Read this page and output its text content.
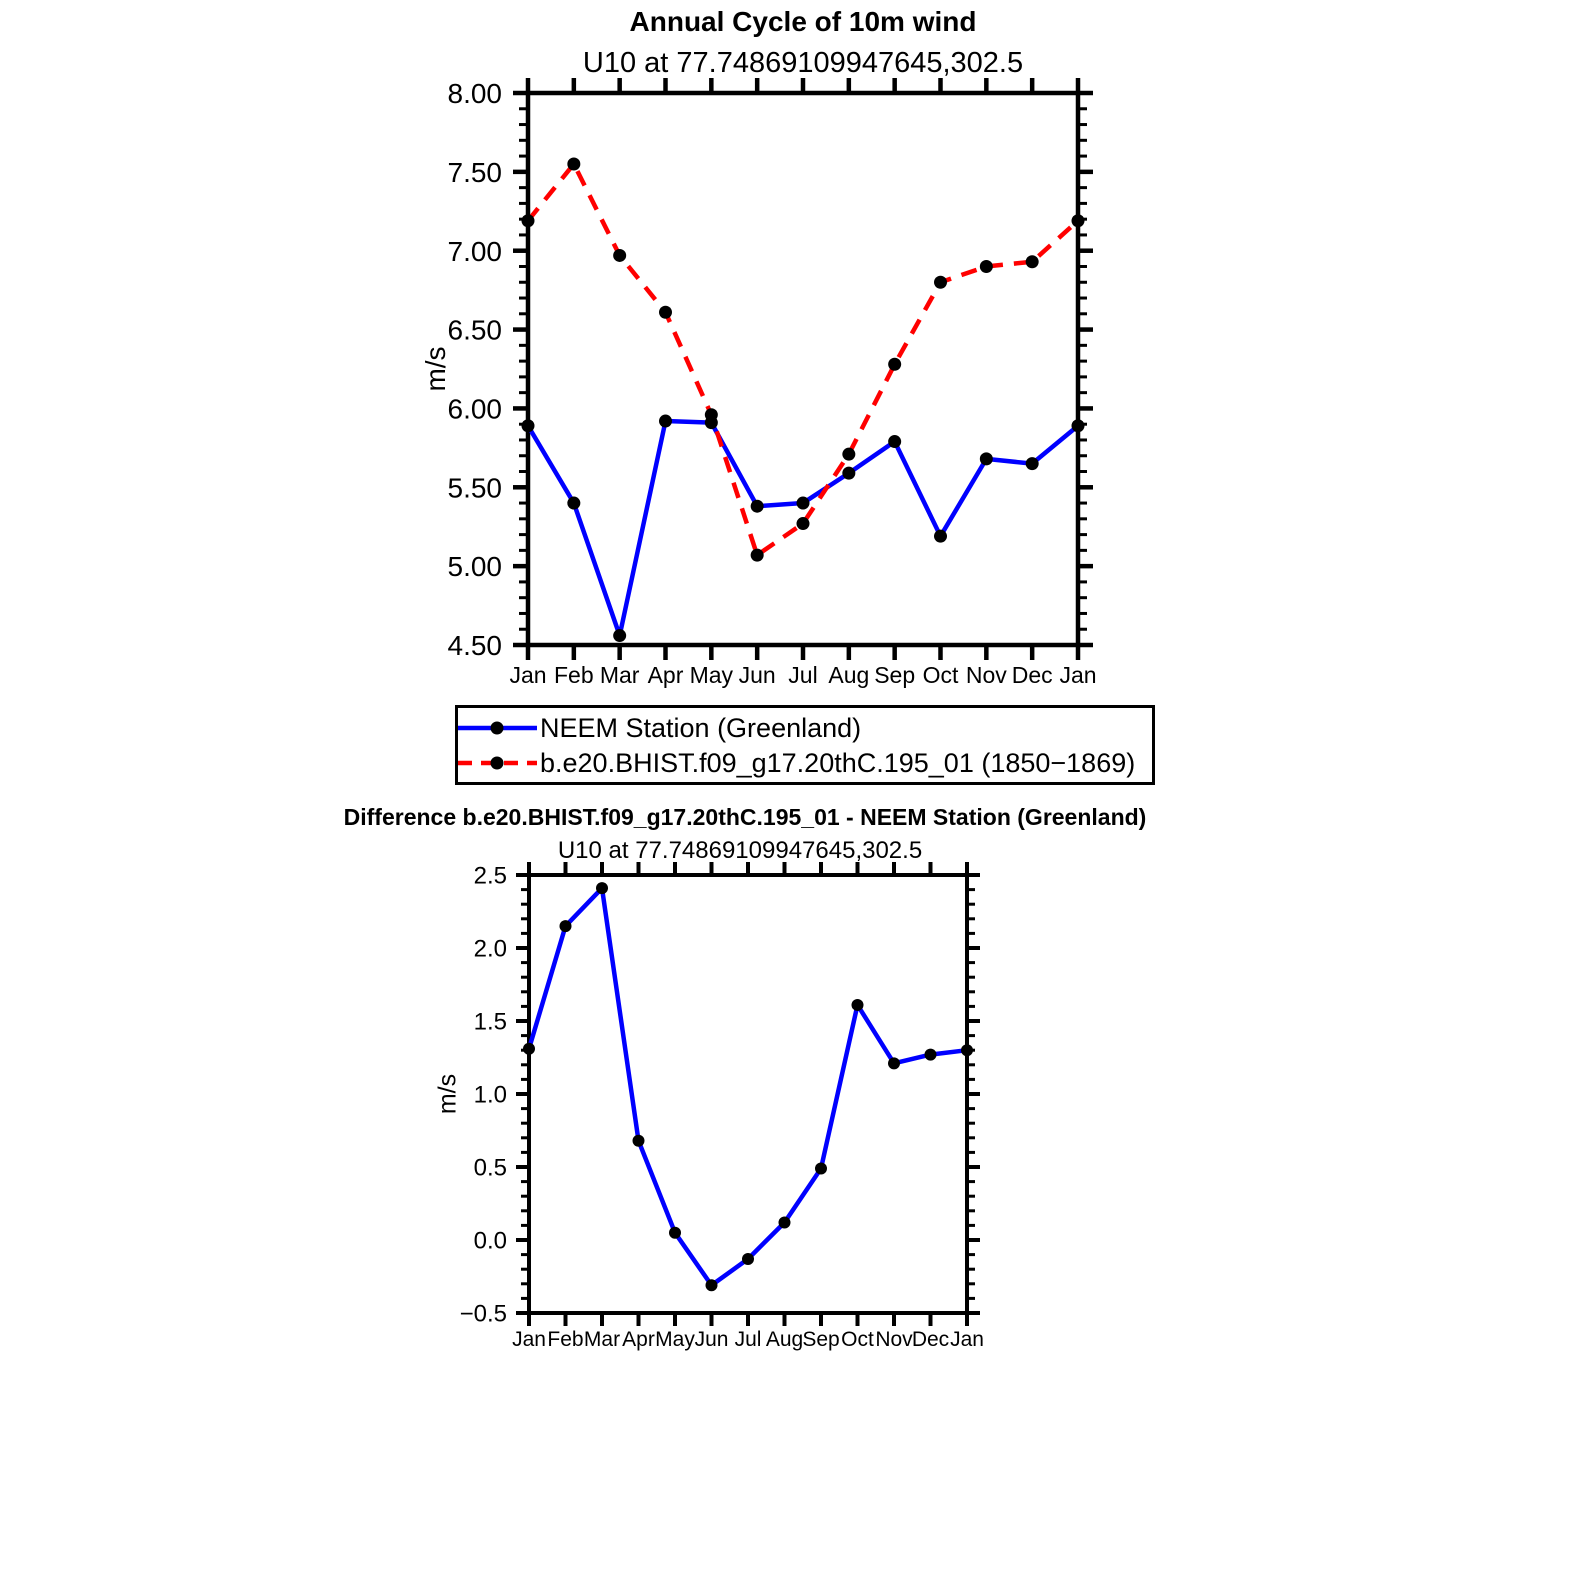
8.00
7.50
7.00
6.50
6.00
5.50
5.00
4.50
Jan Feb Mar Apr May Jun Jul Aug Sep Oct Nov Dec Jan
2.5
2.0
1.5
1.0
0.5
0.0
−0.5
Jan Feb Mar Apr May Jun Jul Aug Sep Oct Nov Dec Jan
Annual Cycle of 10m wind
U10 at 77.74869109947645,302.5
m/s
NEEM Station (Greenland)
b.e20.BHIST.f09_g17.20thC.195_01 (1850−1869)
Difference b.e20.BHIST.f09_g17.20thC.195_01 - NEEM Station (Greenland)
U10 at 77.74869109947645,302.5
m/s
